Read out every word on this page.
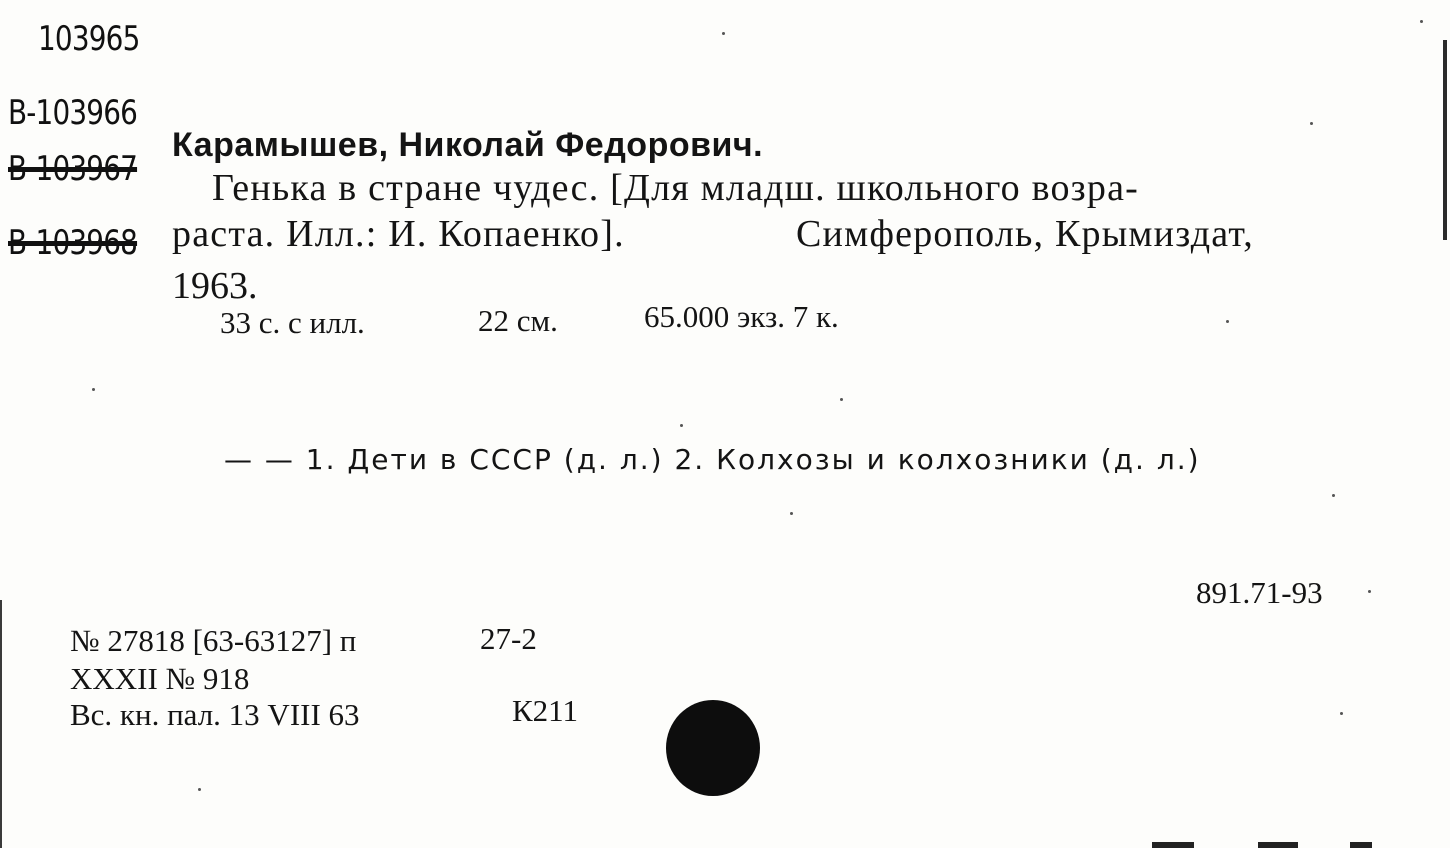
103965
В-103966
В-103967
В-103968
Карамышев, Николай Федорович.
Генька в стране чудес. [Для младш. школьного возра-
раста. Илл.: И. Копаенко].	Симферополь, Крымиздат,
1963.
33 с. с илл.	22 см.	65.000 экз. 7 к.
— — 1. Дети в СССР (д. л.) 2. Колхозы и колхозники (д. л.)
891.71-93
№ 27818 [63-63127] п	27-2
XXXII № 918
Вс. кн. пал. 13 VIII 63	К211
